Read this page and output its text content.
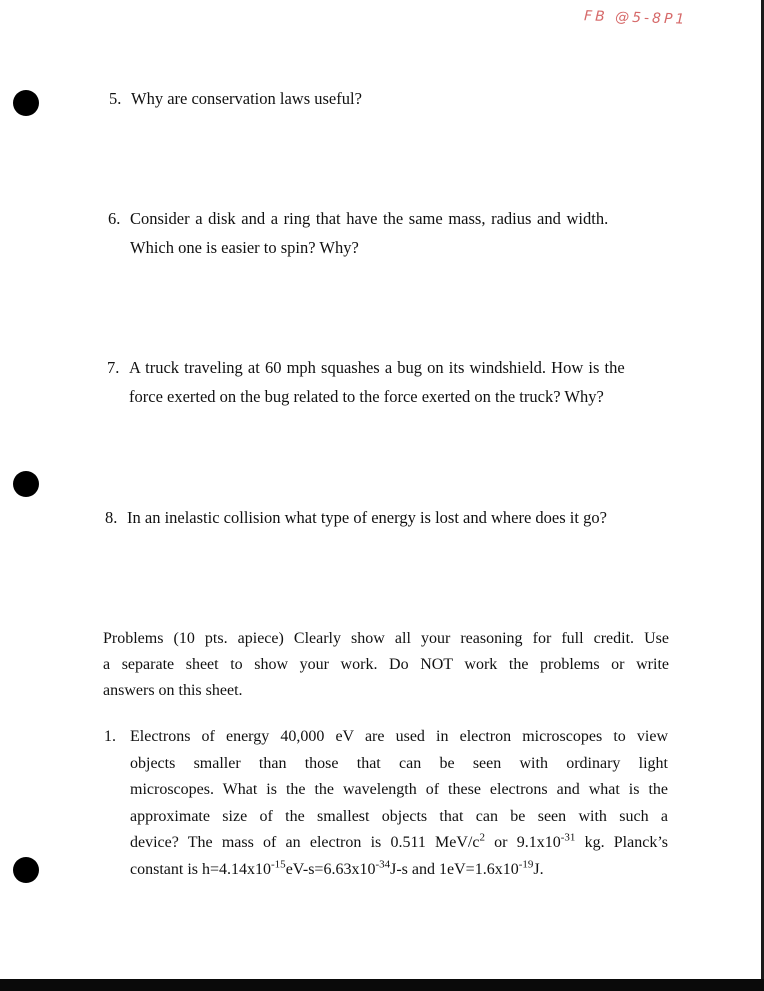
FB @5-8P1
5. Why are conservation laws useful?
6. Consider a disk and a ring that have the same mass, radius and width.
Which one is easier to spin? Why?
7. A truck traveling at 60 mph squashes a bug on its windshield. How is the
force exerted on the bug related to the force exerted on the truck? Why?
8. In an inelastic collision what type of energy is lost and where does it go?
Problems (10 pts. apiece) Clearly show all your reasoning for full credit. Use
a separate sheet to show your work. Do NOT work the problems or write
answers on this sheet.
1. Electrons of energy 40,000 eV are used in electron microscopes to view
objects smaller than those that can be seen with ordinary light
microscopes. What is the the wavelength of these electrons and what is the
approximate size of the smallest objects that can be seen with such a
device? The mass of an electron is 0.511 MeV/$c^2$ or $9.1x10^{-31}$ kg. Planck’s
constant is $h=4.14x10^{-15}eV-s=6.63x10^{-34}J-s$ and $1eV=1.6x10^{-19}J$.
